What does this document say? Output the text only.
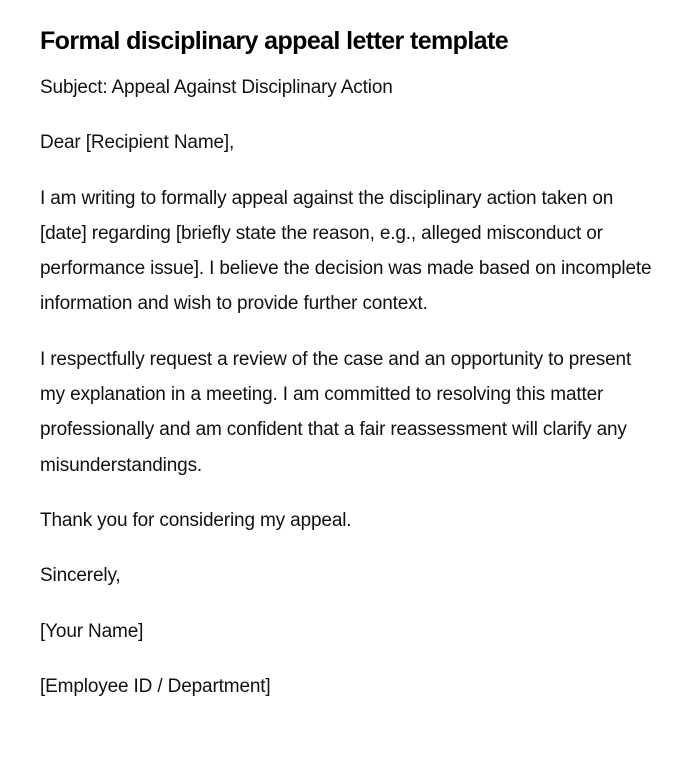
Formal disciplinary appeal letter template

Subject: Appeal Against Disciplinary Action

Dear [Recipient Name],

I am writing to formally appeal against the disciplinary action taken on [date] regarding [briefly state the reason, e.g., alleged misconduct or performance issue]. I believe the decision was made based on incomplete information and wish to provide further context.

I respectfully request a review of the case and an opportunity to present my explanation in a meeting. I am committed to resolving this matter professionally and am confident that a fair reassessment will clarify any misunderstandings.

Thank you for considering my appeal.

Sincerely,

[Your Name]

[Employee ID / Department]
